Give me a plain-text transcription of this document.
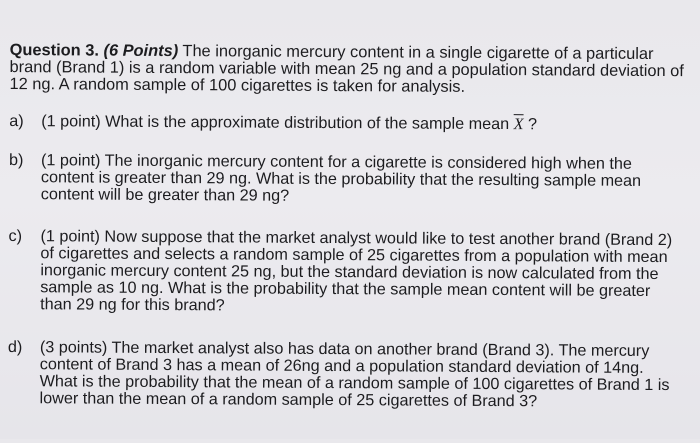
Question 3. (6 Points) The inorganic mercury content in a single cigarette of a particular brand (Brand 1) is a random variable with mean 25 ng and a population standard deviation of 12 ng. A random sample of 100 cigarettes is taken for analysis.

a)	(1 point) What is the approximate distribution of the sample mean $\overline{X}$ ?
b)	(1 point) The inorganic mercury content for a cigarette is considered high when the content is greater than 29 ng. What is the probability that the resulting sample mean content will be greater than 29 ng?
c)	(1 point) Now suppose that the market analyst would like to test another brand (Brand 2) of cigarettes and selects a random sample of 25 cigarettes from a population with mean inorganic mercury content 25 ng, but the standard deviation is now calculated from the sample as 10 ng. What is the probability that the sample mean content will be greater than 29 ng for this brand?
d)	(3 points) The market analyst also has data on another brand (Brand 3). The mercury content of Brand 3 has a mean of 26ng and a population standard deviation of 14ng. What is the probability that the mean of a random sample of 100 cigarettes of Brand 1 is lower than the mean of a random sample of 25 cigarettes of Brand 3?
